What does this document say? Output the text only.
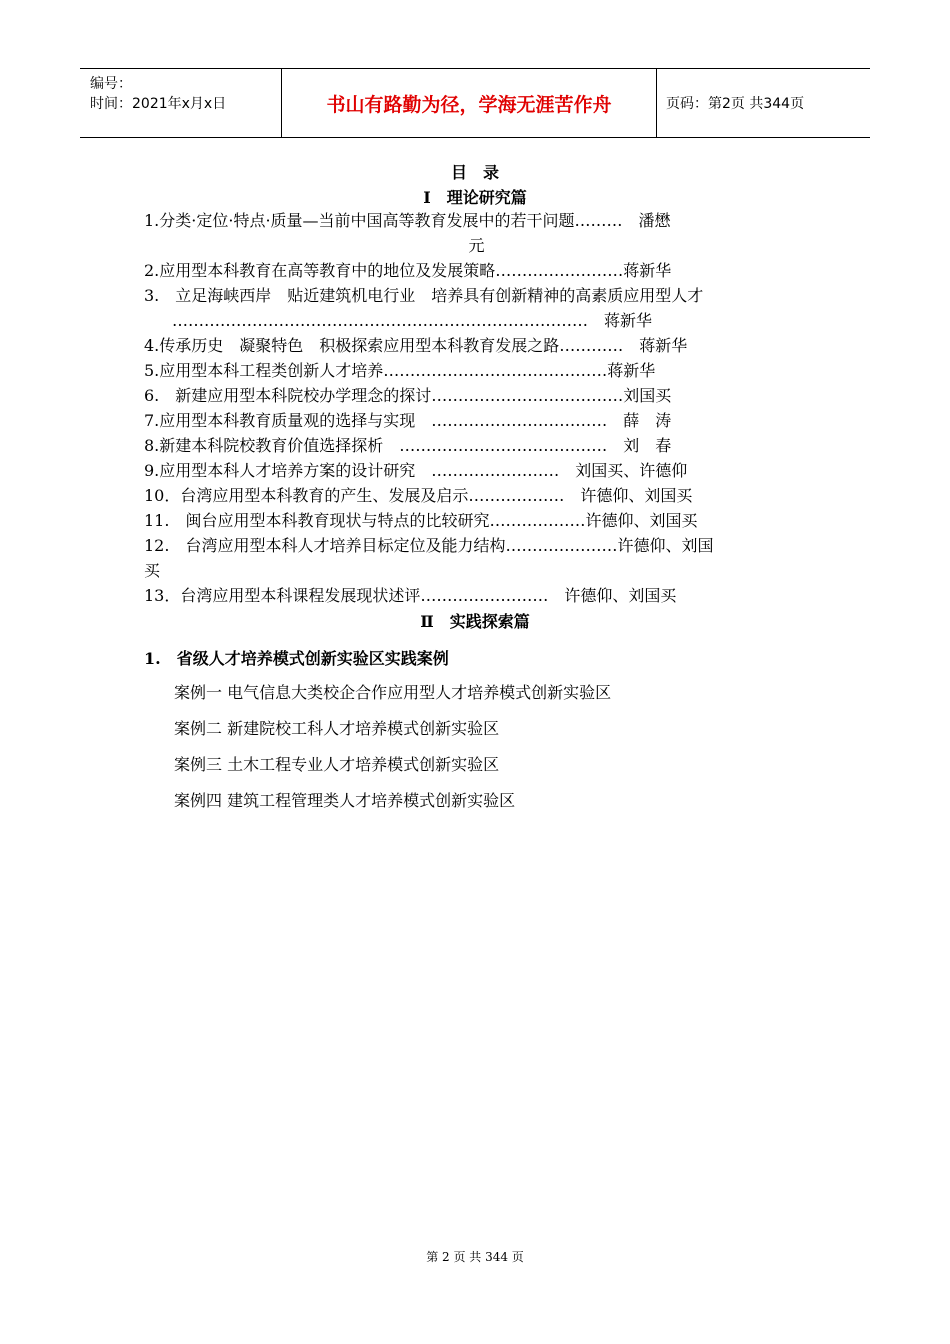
编号：
时间：2021年x月x日	书山有路勤为径，学海无涯苦作舟	页码：第2页 共344页
目　录
Ⅰ　理论研究篇
1.分类·定位·特点·质量—当前中国高等教育发展中的若干问题………　潘懋
元
2.应用型本科教育在高等教育中的地位及发展策略……………………蒋新华
3.　立足海峡西岸　贴近建筑机电行业　培养具有创新精神的高素质应用型人才
……………………………………………………………………　蒋新华
4.传承历史　凝聚特色　积极探索应用型本科教育发展之路…………　蒋新华
5.应用型本科工程类创新人才培养……………………………………蒋新华
6.　新建应用型本科院校办学理念的探讨………………………………刘国买
7.应用型本科教育质量观的选择与实现　……………………………　薛　涛
8.新建本科院校教育价值选择探析　…………………………………　刘　春
9.应用型本科人才培养方案的设计研究　……………………　刘国买、许德仰
10．台湾应用型本科教育的产生、发展及启示………………　许德仰、刘国买
11.　闽台应用型本科教育现状与特点的比较研究………………许德仰、刘国买
12.　台湾应用型本科人才培养目标定位及能力结构…………………许德仰、刘国
买
13．台湾应用型本科课程发展现状述评……………………　许德仰、刘国买
Ⅱ　实践探索篇
1.　省级人才培养模式创新实验区实践案例
案例一 电气信息大类校企合作应用型人才培养模式创新实验区
案例二 新建院校工科人才培养模式创新实验区
案例三 土木工程专业人才培养模式创新实验区
案例四 建筑工程管理类人才培养模式创新实验区
第 2 页 共 344 页
